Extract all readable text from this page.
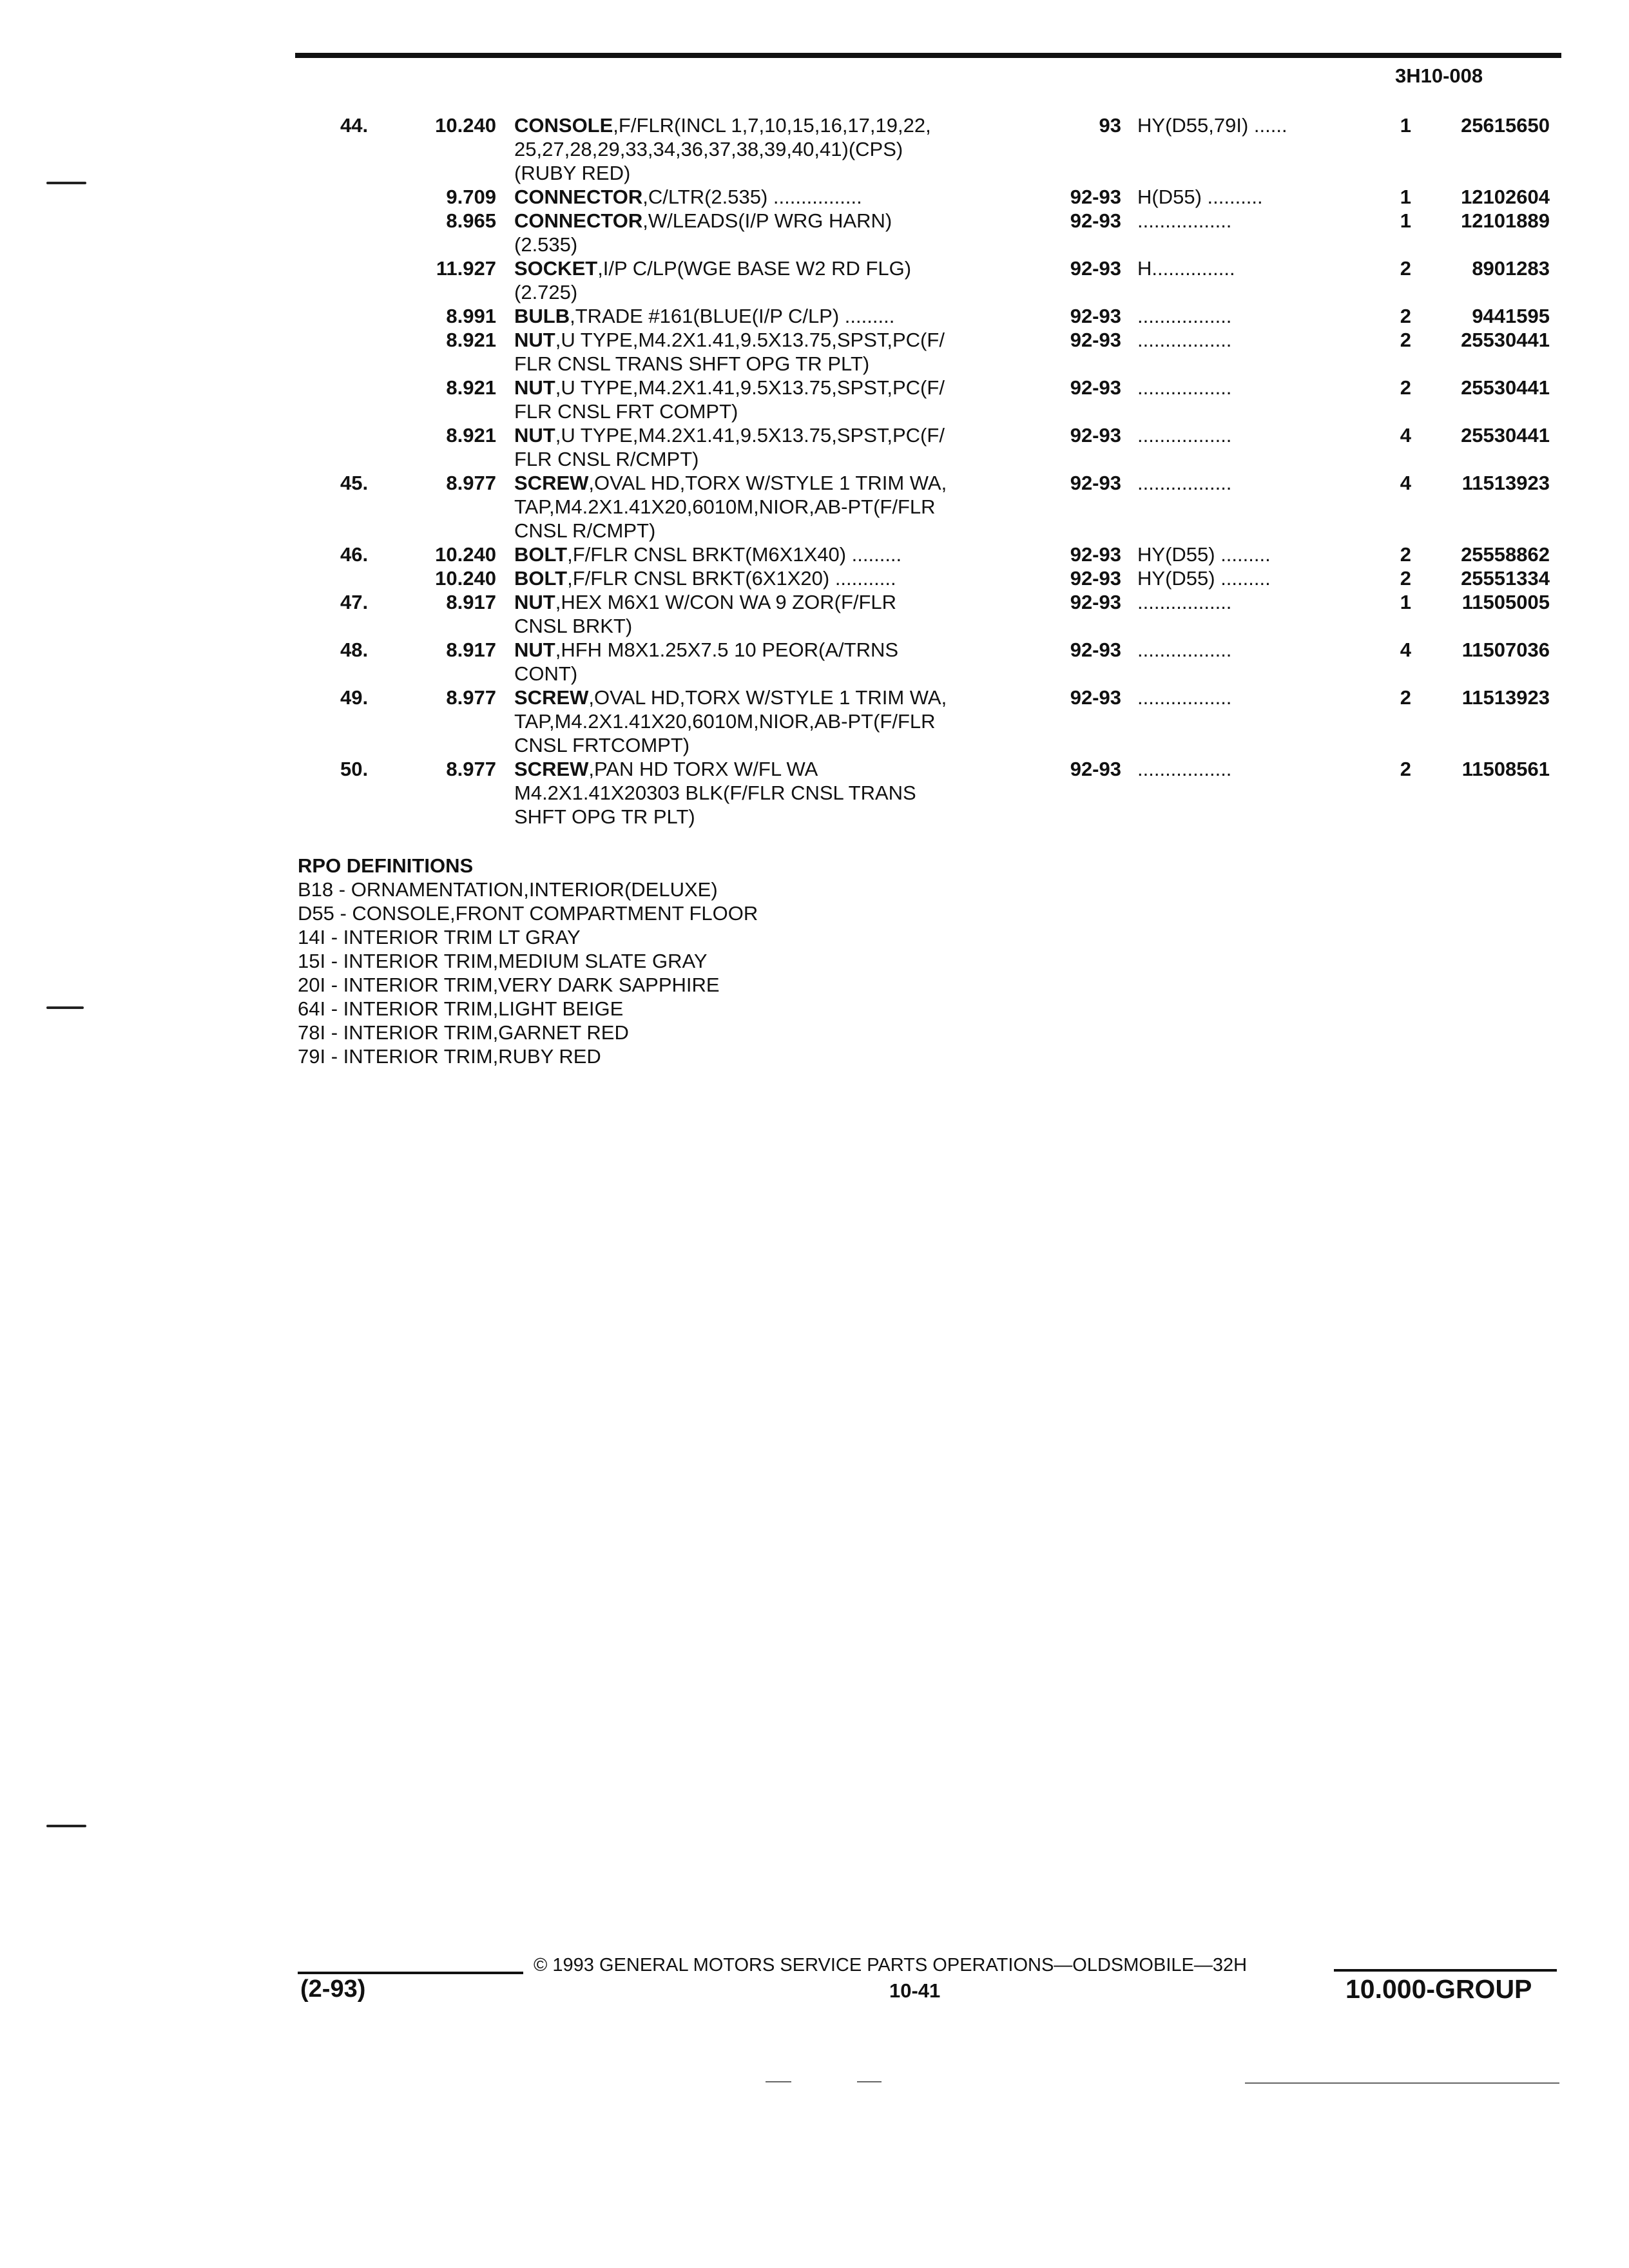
3H10-008
44.	10.240 CONSOLE,F/FLR(INCL 1,7,10,15,16,17,19,22,
25,27,28,29,33,34,36,37,38,39,40,41)(CPS)
(RUBY RED)
93 HY(D55,79I) ......	1	25615650
9.709 CONNECTOR,C/LTR(2.535) ................	92-93 H(D55) ..........	1	12102604
8.965 CONNECTOR,W/LEADS(I/P WRG HARN)
(2.535)
92-93 .................	1	12101889
11.927 SOCKET,I/P C/LP(WGE BASE W2 RD FLG)
(2.725)
92-93 H...............	2	8901283
8.991 BULB,TRADE #161(BLUE(I/P C/LP) .........	92-93 .................	2	9441595
8.921 NUT,U TYPE,M4.2X1.41,9.5X13.75,SPST,PC(F/
FLR CNSL TRANS SHFT OPG TR PLT)
92-93 .................	2	25530441
8.921 NUT,U TYPE,M4.2X1.41,9.5X13.75,SPST,PC(F/
FLR CNSL FRT COMPT)
92-93 .................	2	25530441
8.921 NUT,U TYPE,M4.2X1.41,9.5X13.75,SPST,PC(F/
FLR CNSL R/CMPT)
92-93 .................	4	25530441
45.	8.977 SCREW,OVAL HD,TORX W/STYLE 1 TRIM WA,
TAP,M4.2X1.41X20,6010M,NIOR,AB-PT(F/FLR
CNSL R/CMPT)
92-93 .................	4	11513923
46.	10.240 BOLT,F/FLR CNSL BRKT(M6X1X40) .........	92-93 HY(D55) .........	2	25558862
10.240 BOLT,F/FLR CNSL BRKT(6X1X20) ...........	92-93 HY(D55) .........	2	25551334
47.	8.917 NUT,HEX M6X1 W/CON WA 9 ZOR(F/FLR
CNSL BRKT)
92-93 .................	1	11505005
48.	8.917 NUT,HFH M8X1.25X7.5 10 PEOR(A/TRNS
CONT)
92-93 .................	4	11507036
49.	8.977 SCREW,OVAL HD,TORX W/STYLE 1 TRIM WA,
TAP,M4.2X1.41X20,6010M,NIOR,AB-PT(F/FLR
CNSL FRTCOMPT)
92-93 .................	2	11513923
50.	8.977 SCREW,PAN HD TORX W/FL WA
M4.2X1.41X20303 BLK(F/FLR CNSL TRANS
SHFT OPG TR PLT)
92-93 .................	2	11508561
RPO DEFINITIONS
B18 - ORNAMENTATION,INTERIOR(DELUXE)
D55 - CONSOLE,FRONT COMPARTMENT FLOOR
14I - INTERIOR TRIM LT GRAY
15I - INTERIOR TRIM,MEDIUM SLATE GRAY
20I - INTERIOR TRIM,VERY DARK SAPPHIRE
64I - INTERIOR TRIM,LIGHT BEIGE
78I - INTERIOR TRIM,GARNET RED
79I - INTERIOR TRIM,RUBY RED
© 1993 GENERAL MOTORS SERVICE PARTS OPERATIONS—OLDSMOBILE—32H
(2-93)	10-41	10.000-GROUP
